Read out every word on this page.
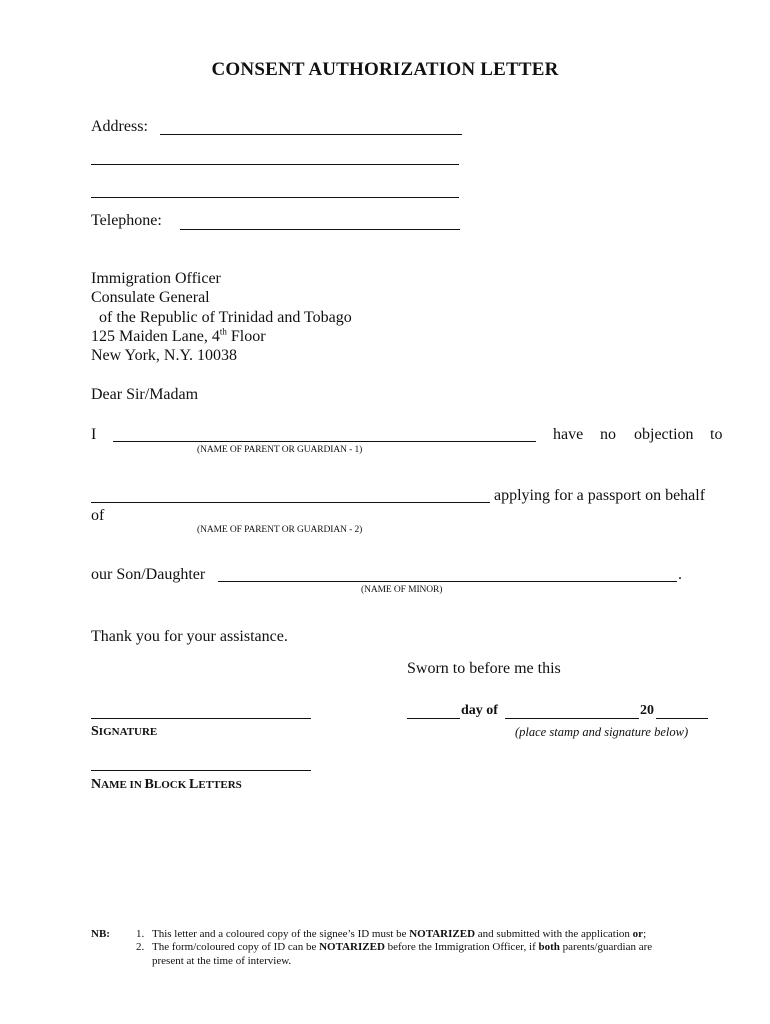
CONSENT AUTHORIZATION LETTER
Address:
Telephone:
Immigration Officer
Consulate General
of the Republic of Trinidad and Tobago
125 Maiden Lane, 4th Floor
New York, N.Y. 10038
Dear Sir/Madam
I	have no objection to
(NAME OF PARENT OR GUARDIAN - 1)
applying for a passport on behalf
of
(NAME OF PARENT OR GUARDIAN - 2)
our Son/Daughter	.
(NAME OF MINOR)
Thank you for your assistance.
Sworn to before me this
day of	20
SIGNATURE	(place stamp and signature below)
NAME IN BLOCK LETTERS
NB: 1. This letter and a coloured copy of the signee’s ID must be NOTARIZED and submitted with the application or;
2. The form/coloured copy of ID can be NOTARIZED before the Immigration Officer, if both parents/guardian are
present at the time of interview.
